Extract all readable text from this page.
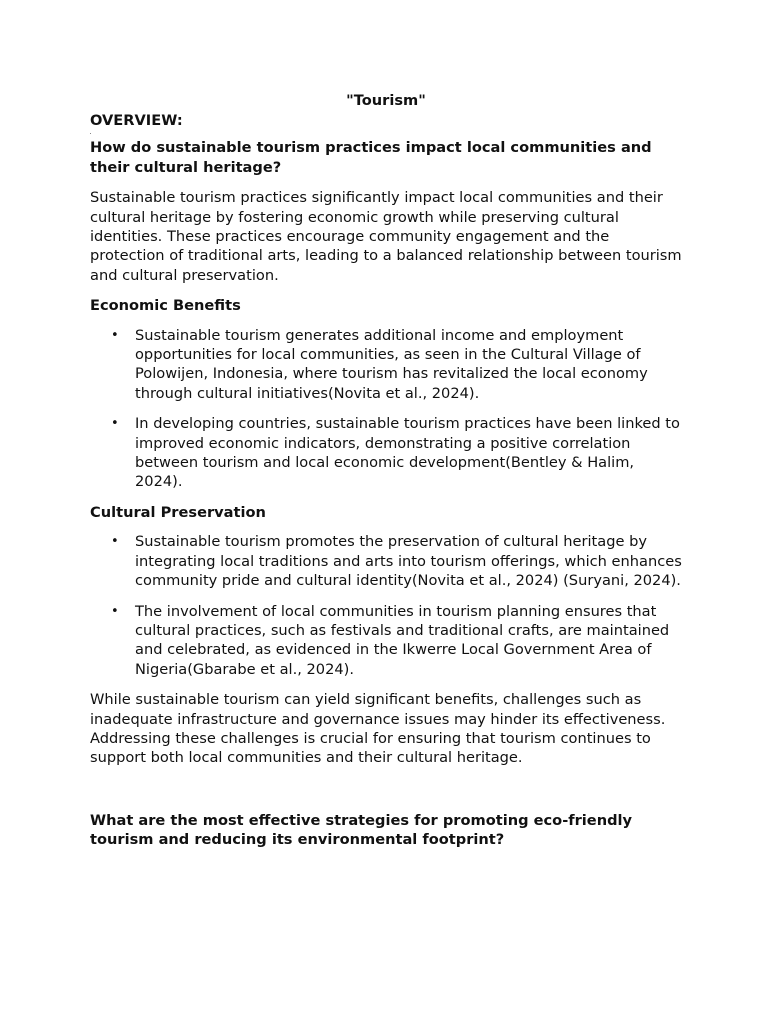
"Tourism"

OVERVIEW:

How do sustainable tourism practices impact local communities and their cultural heritage?

Sustainable tourism practices significantly impact local communities and their cultural heritage by fostering economic growth while preserving cultural identities. These practices encourage community engagement and the protection of traditional arts, leading to a balanced relationship between tourism and cultural preservation.

Economic Benefits

• Sustainable tourism generates additional income and employment opportunities for local communities, as seen in the Cultural Village of Polowijen, Indonesia, where tourism has revitalized the local economy through cultural initiatives(Novita et al., 2024).
• In developing countries, sustainable tourism practices have been linked to improved economic indicators, demonstrating a positive correlation between tourism and local economic development(Bentley & Halim, 2024).

Cultural Preservation

• Sustainable tourism promotes the preservation of cultural heritage by integrating local traditions and arts into tourism offerings, which enhances community pride and cultural identity(Novita et al., 2024) (Suryani, 2024).
• The involvement of local communities in tourism planning ensures that cultural practices, such as festivals and traditional crafts, are maintained and celebrated, as evidenced in the Ikwerre Local Government Area of Nigeria(Gbarabe et al., 2024).

While sustainable tourism can yield significant benefits, challenges such as inadequate infrastructure and governance issues may hinder its effectiveness. Addressing these challenges is crucial for ensuring that tourism continues to support both local communities and their cultural heritage.

What are the most effective strategies for promoting eco-friendly tourism and reducing its environmental footprint?
